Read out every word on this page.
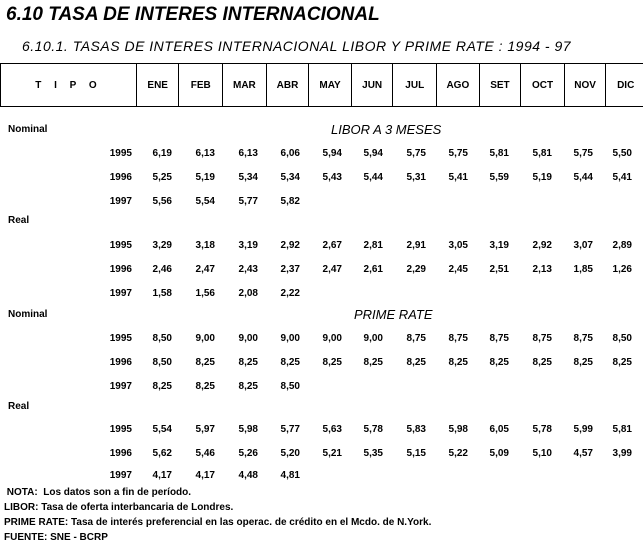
6.10 TASA DE INTERES INTERNACIONAL
6.10.1. TASAS DE INTERES INTERNACIONAL LIBOR Y PRIME RATE : 1994 - 97
T I P O	ENE	FEB	MAR	ABR	MAY	JUN	JUL	AGO	SET	OCT	NOV	DIC
Nominal	LIBOR A 3 MESES
1995	6,19	6,13	6,13	6,06	5,94	5,94	5,75	5,75	5,81	5,81	5,75	5,50
1996	5,25	5,19	5,34	5,34	5,43	5,44	5,31	5,41	5,59	5,19	5,44	5,41
1997	5,56	5,54	5,77	5,82
Real
1995	3,29	3,18	3,19	2,92	2,67	2,81	2,91	3,05	3,19	2,92	3,07	2,89
1996	2,46	2,47	2,43	2,37	2,47	2,61	2,29	2,45	2,51	2,13	1,85	1,26
1997	1,58	1,56	2,08	2,22
Nominal	PRIME RATE
1995	8,50	9,00	9,00	9,00	9,00	9,00	8,75	8,75	8,75	8,75	8,75	8,50
1996	8,50	8,25	8,25	8,25	8,25	8,25	8,25	8,25	8,25	8,25	8,25	8,25
1997	8,25	8,25	8,25	8,50
Real
1995	5,54	5,97	5,98	5,77	5,63	5,78	5,83	5,98	6,05	5,78	5,99	5,81
1996	5,62	5,46	5,26	5,20	5,21	5,35	5,15	5,22	5,09	5,10	4,57	3,99
1997	4,17	4,17	4,48	4,81
NOTA:  Los datos son a fin de período.
LIBOR: Tasa de oferta interbancaria de Londres.
PRIME RATE: Tasa de interés preferencial en las operac. de crédito en el Mcdo. de N.York.
FUENTE: SNE - BCRP
